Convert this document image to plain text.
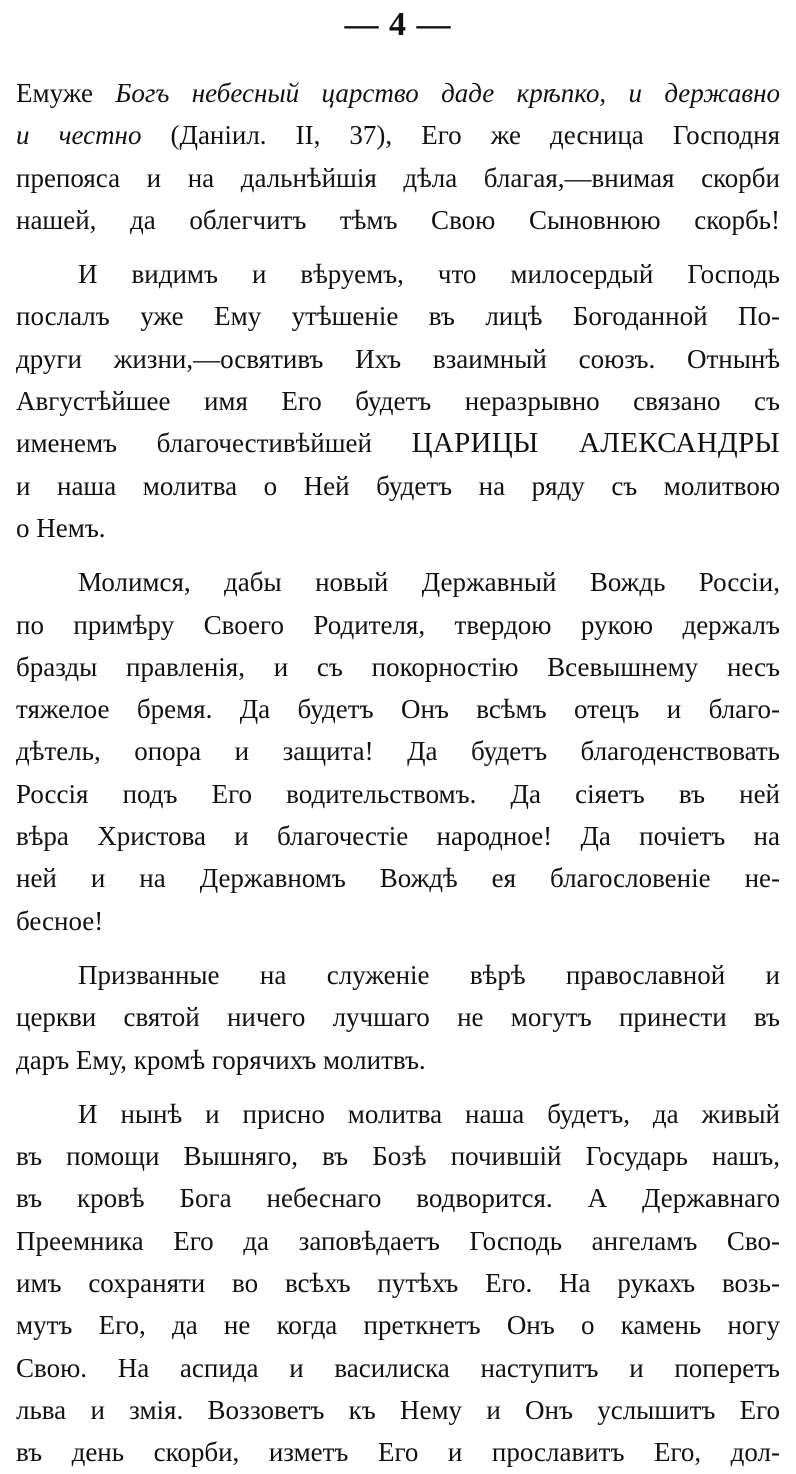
— 4 —
Емуже Богъ небесный царство даде крѣпко, и державно
и честно (Даніил. II, 37), Его же десница Господня
препояса и на дальнѣйшія дѣла благая,—внимая скорби
нашей, да облегчитъ тѣмъ Свою Сыновнюю скорбь!
И видимъ и вѣруемъ, что милосердый Господь
послалъ уже Ему утѣшеніе въ лицѣ Богоданной По-
други жизни,—освятивъ Ихъ взаимный союзъ. Отнынѣ
Августѣйшее имя Его будетъ неразрывно связано съ
именемъ благочестивѣйшей ЦАРИЦЫ АЛЕКСАНДРЫ
и наша молитва о Ней будетъ на ряду съ молитвою
о Немъ.
Молимся, дабы новый Державный Вождь Россіи,
по примѣру Своего Родителя, твердою рукою держалъ
бразды правленія, и съ покорностію Всевышнему несъ
тяжелое бремя. Да будетъ Онъ всѣмъ отецъ и благо-
дѣтель, опора и защита! Да будетъ благоденствовать
Россія подъ Его водительствомъ. Да сіяетъ въ ней
вѣра Христова и благочестіе народное! Да почіетъ на
ней и на Державномъ Вождѣ ея благословеніе не-
бесное!
Призванные на служеніе вѣрѣ православной и
церкви святой ничего лучшаго не могутъ принести въ
даръ Ему, кромѣ горячихъ молитвъ.
И нынѣ и присно молитва наша будетъ, да живый
въ помощи Вышняго, въ Бозѣ почившій Государь нашъ,
въ кровѣ Бога небеснаго водворится. А Державнаго
Преемника Его да заповѣдаетъ Господь ангеламъ Сво-
имъ сохраняти во всѣхъ путѣхъ Его. На рукахъ возь-
мутъ Его, да не когда преткнетъ Онъ о камень ногу
Свою. На аспида и василиска наступитъ и поперетъ
льва и змія. Воззоветъ къ Нему и Онъ услышитъ Его
въ день скорби, изметъ Его и прославитъ Его, дол-
